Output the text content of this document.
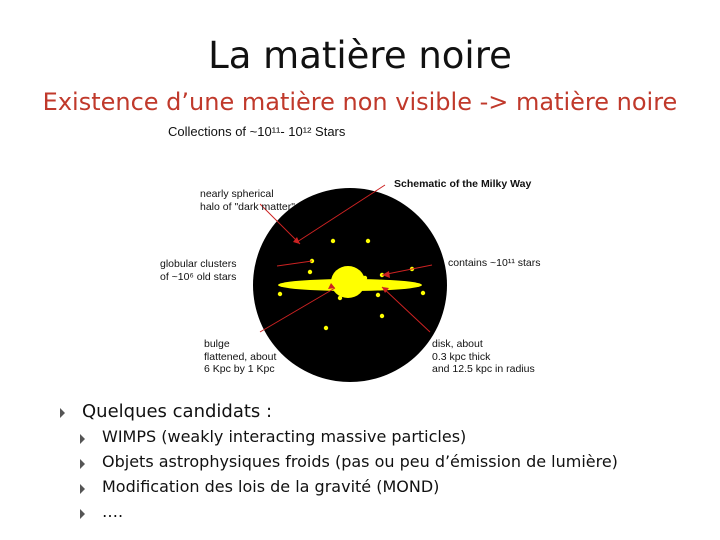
La matière noire
Existence d’une matière non visible -> matière noire
Collections of ~10¹¹- 10¹² Stars
Schematic of the Milky Way
nearly spherical
halo of "dark matter"
globular clusters
of ~10⁶ old stars
contains ~10¹¹ stars
bulge
flattened, about
6 Kpc by 1 Kpc
disk, about
0.3 kpc thick
and 12.5 kpc in radius
Quelques candidats :
WIMPS (weakly interacting massive particles)
Objets astrophysiques froids (pas ou peu d’émission de lumière)
Modification des lois de la gravité (MOND)
….
